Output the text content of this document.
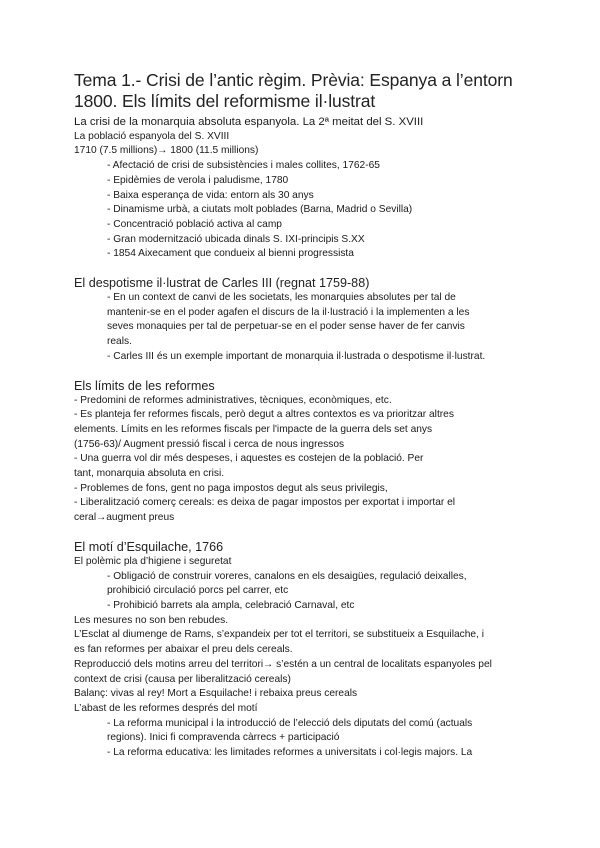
Tema 1.- Crisi de l’antic règim. Prèvia: Espanya a l’entorn 1800. Els límits del reformisme il·lustrat
La crisi de la monarquia absoluta espanyola. La 2ª meitat del S. XVIII
La població espanyola del S. XVIII
1710 (7.5 millions)→ 1800 (11.5 millions)
- Afectació de crisi de subsistències i males collites, 1762-65
- Epidèmies de verola i paludisme, 1780
- Baixa esperança de vida: entorn als 30 anys
- Dinamisme urbà, a ciutats molt poblades (Barna, Madrid o Sevilla)
- Concentració població activa al camp
- Gran modernització ubicada dinals S. IXI-principis S.XX
- 1854 Aixecament que condueix al bienni progressista
El despotisme il·lustrat de Carles III (regnat 1759-88)
- En un context de canvi de les societats, les monarquies absolutes per tal de
mantenir-se en el poder agafen el discurs de la il·lustració i la implementen a les
seves monaquies per tal de perpetuar-se en el poder sense haver de fer canvis
reals.
- Carles III és un exemple important de monarquia il·lustrada o despotisme il·lustrat.
Els límits de les reformes
- Predomini de reformes administratives, tècniques, econòmiques, etc.
- Es planteja fer reformes fiscals, però degut a altres contextos es va prioritzar altres
elements. Límits en les reformes fiscals per l'impacte de la guerra dels set anys
(1756-63)/ Augment pressió fiscal i cerca de nous ingressos
- Una guerra vol dir més despeses, i aquestes es costejen de la població. Per
tant, monarquia absoluta en crisi.
- Problemes de fons, gent no paga impostos degut als seus privilegis,
- Liberalització comerç cereals: es deixa de pagar impostos per exportat i importar el
ceral→augment preus
El motí d’Esquilache, 1766
El polèmic pla d’higiene i seguretat
- Obligació de construir voreres, canalons en els desaigües, regulació deixalles,
prohibició circulació porcs pel carrer, etc
- Prohibició barrets ala ampla, celebració Carnaval, etc
Les mesures no son ben rebudes.
L’Esclat al diumenge de Rams, s’expandeix per tot el territori, se substitueix a Esquilache, i
es fan reformes per abaixar el preu dels cereals.
Reproducció dels motins arreu del territori→ s’estén a un central de localitats espanyoles pel
context de crisi (causa per liberalització cereals)
Balanç: vivas al rey! Mort a Esquilache! i rebaixa preus cereals
L’abast de les reformes després del motí
- La reforma municipal i la introducció de l’elecció dels diputats del comú (actuals
regions). Inici fi compravenda càrrecs + participació
- La reforma educativa: les limitades reformes a universitats i col·legis majors. La
